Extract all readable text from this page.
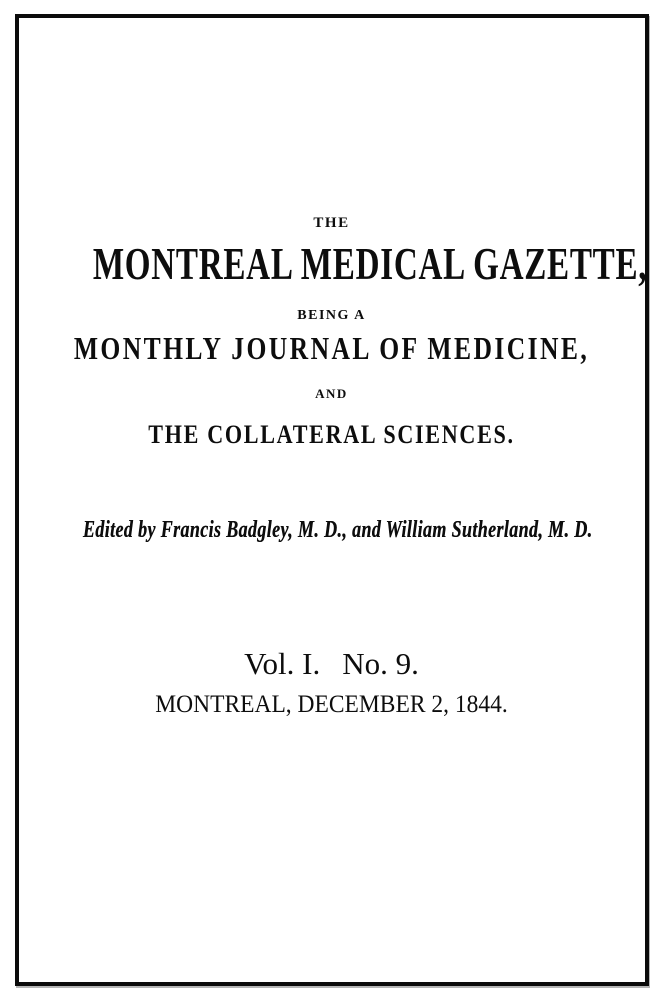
THE
MONTREAL MEDICAL GAZETTE,
BEING A
MONTHLY JOURNAL OF MEDICINE,
AND
THE COLLATERAL SCIENCES.
Edited by Francis Badgley, M. D., and William Sutherland, M. D.
Vol. I. No. 9.
MONTREAL, DECEMBER 2, 1844.
